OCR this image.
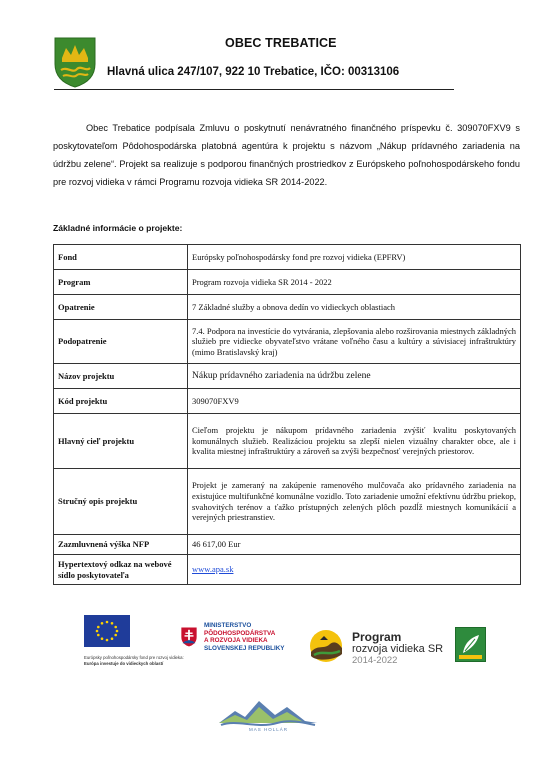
OBEC TREBATICE
Hlavná ulica 247/107, 922 10 Trebatice, IČO: 00313106
Obec Trebatice podpísala Zmluvu o poskytnutí nenávratného finančného príspevku č. 309070FXV9 s poskytovateľom Pôdohospodárska platobná agentúra k projektu s názvom „Nákup prídavného zariadenia na údržbu zelene“. Projekt sa realizuje s podporou finančných prostriedkov z Európskeho poľnohospodárskeho fondu pre rozvoj vidieka v rámci Programu rozvoja vidieka SR 2014-2022.
Základné informácie o projekte:
Fond	Európsky poľnohospodársky fond pre rozvoj vidieka (EPFRV)
Program	Program rozvoja vidieka SR 2014 - 2022
Opatrenie	7 Základné služby a obnova dedín vo vidieckych oblastiach
Podopatrenie	7.4. Podpora na investície do vytvárania, zlepšovania alebo rozširovania miestnych základných služieb pre vidiecke obyvateľstvo vrátane voľného času a kultúry a súvisiacej infraštruktúry (mimo Bratislavský kraj)
Názov projektu	Nákup prídavného zariadenia na údržbu zelene
Kód projektu	309070FXV9
Hlavný cieľ projektu	Cieľom projektu je nákupom prídavného zariadenia zvýšiť kvalitu poskytovaných komunálnych služieb. Realizáciou projektu sa zlepší nielen vizuálny charakter obce, ale i kvalita miestnej infraštruktúry a zároveň sa zvýši bezpečnosť verejných priestorov.
Stručný opis projektu	Projekt je zameraný na zakúpenie ramenového mulčovača ako prídavného zariadenia na existujúce multifunkčné komunálne vozidlo. Toto zariadenie umožní efektívnu údržbu priekop, svahovitých terénov a ťažko prístupných zelených plôch pozdĺž miestnych komunikácií a verejných priestranstiev.
Zazmluvnená výška NFP	46 617,00 Eur
Hypertextový odkaz na webové sídlo poskytovateľa	www.apa.sk
Európsky poľnohospodársky fond pre rozvoj vidieka:
Európa investuje do vidieckych oblastí
MINISTERSTVO
PÔDOHOSPODÁRSTVA
A ROZVOJA VIDIEKA
SLOVENSKEJ REPUBLIKY
Program
rozvoja vidieka SR
2014-2022
MAS HOLLÁR
